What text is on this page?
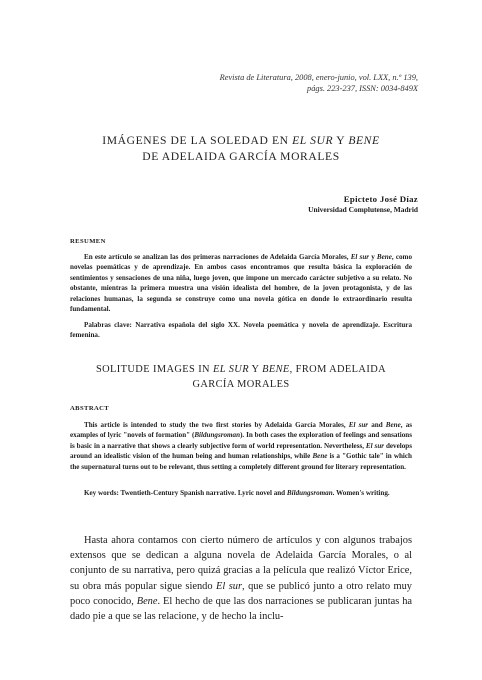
Revista de Literatura, 2008, enero-junio, vol. LXX, n.º 139,
págs. 223-237, ISSN: 0034-849X
IMÁGENES DE LA SOLEDAD EN EL SUR Y BENE
DE ADELAIDA GARCÍA MORALES
Epicteto José Díaz
Universidad Complutense, Madrid
RESUMEN
En este artículo se analizan las dos primeras narraciones de Adelaida García Morales, El sur y Bene, como novelas poemáticas y de aprendizaje. En ambos casos encontramos que resulta básica la exploración de sentimientos y sensaciones de una niña, luego joven, que impone un mercado carácter subjetivo a su relato. No obstante, mientras la primera muestra una visión idealista del hombre, de la joven protagonista, y de las relaciones humanas, la segunda se construye como una novela gótica en donde lo extraordinario resulta fundamental.
Palabras clave: Narrativa española del siglo XX. Novela poemática y novela de aprendizaje. Escritura femenina.
SOLITUDE IMAGES IN EL SUR Y BENE, FROM ADELAIDA
GARCÍA MORALES
ABSTRACT
This article is intended to study the two first stories by Adelaida García Morales, El sur and Bene, as examples of lyric "novels of formation" (Bildungsroman). In both cases the exploration of feelings and sensations is basic in a narrative that shows a clearly subjective form of world representation. Nevertheless, El sur develops around an idealistic vision of the human being and human relationships, while Bene is a "Gothic tale" in which the supernatural turns out to be relevant, thus setting a completely different ground for literary representation.
Key words: Twentieth-Century Spanish narrative. Lyric novel and Bildungsroman. Women's writing.
Hasta ahora contamos con cierto número de artículos y con algunos trabajos extensos que se dedican a alguna novela de Adelaida García Morales, o al conjunto de su narrativa, pero quizá gracias a la película que realizó Víctor Erice, su obra más popular sigue siendo El sur, que se publicó junto a otro relato muy poco conocido, Bene. El hecho de que las dos narraciones se publicaran juntas ha dado pie a que se las relacione, y de hecho la inclu-
